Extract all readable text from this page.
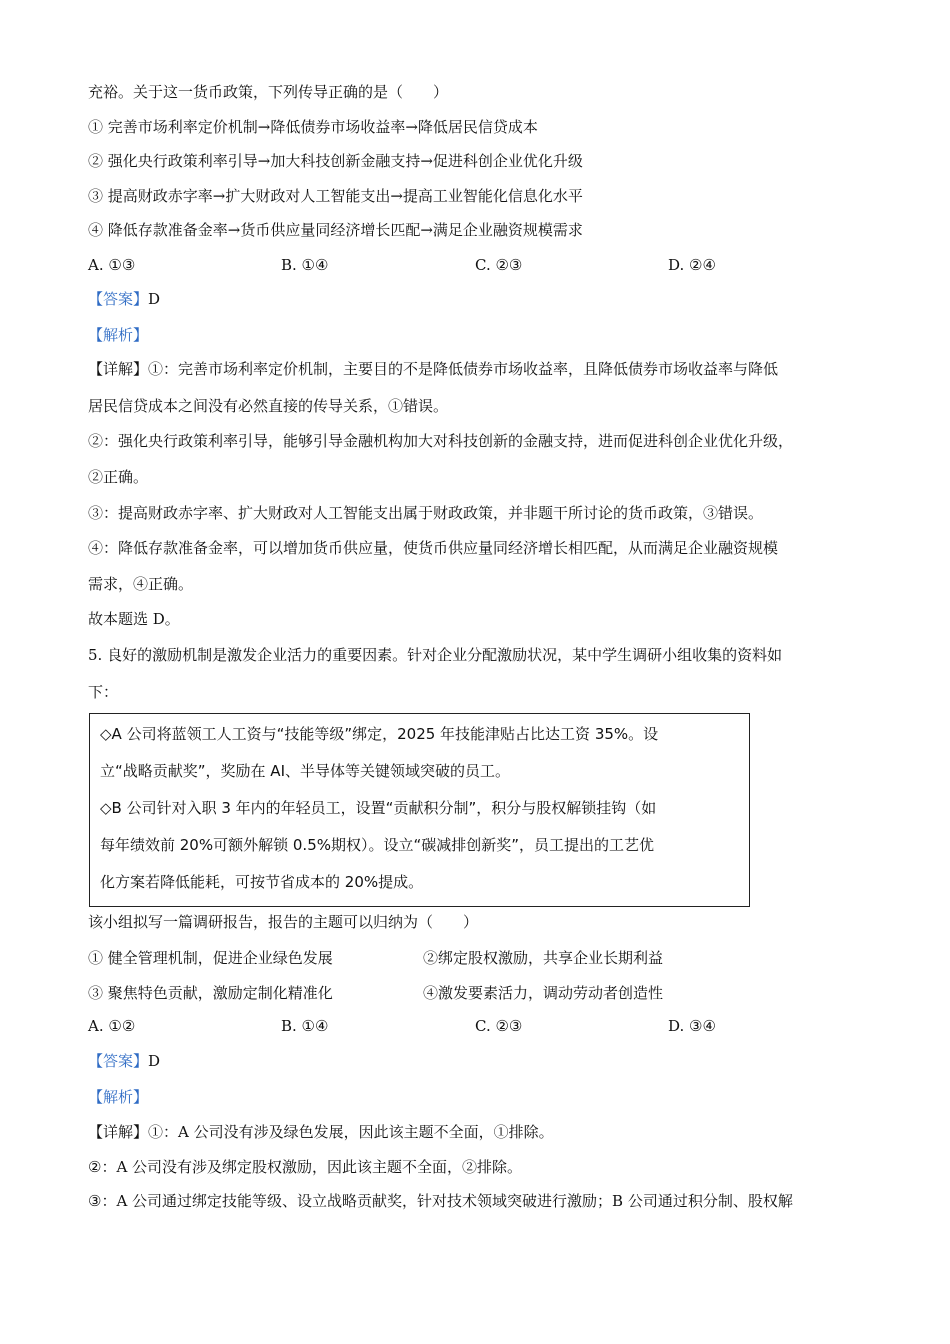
充裕。关于这一货币政策，下列传导正确的是（　　）
① 完善市场利率定价机制→降低债券市场收益率→降低居民信贷成本
② 强化央行政策利率引导→加大科技创新金融支持→促进科创企业优化升级
③ 提高财政赤字率→扩大财政对人工智能支出→提高工业智能化信息化水平
④ 降低存款准备金率→货币供应量同经济增长匹配→满足企业融资规模需求
A. ①③	B. ①④	C. ②③	D. ②④
【答案】D
【解析】
【详解】①：完善市场利率定价机制，主要目的不是降低债券市场收益率，且降低债券市场收益率与降低
居民信贷成本之间没有必然直接的传导关系，①错误。
②：强化央行政策利率引导，能够引导金融机构加大对科技创新的金融支持，进而促进科创企业优化升级，
②正确。
③：提高财政赤字率、扩大财政对人工智能支出属于财政政策，并非题干所讨论的货币政策，③错误。
④：降低存款准备金率，可以增加货币供应量，使货币供应量同经济增长相匹配，从而满足企业融资规模
需求，④正确。
故本题选 D。
5. 良好的激励机制是激发企业活力的重要因素。针对企业分配激励状况，某中学生调研小组收集的资料如
下：
◇A 公司将蓝领工人工资与“技能等级”绑定，2025 年技能津贴占比达工资 35%。设
立“战略贡献奖”，奖励在 AI、半导体等关键领域突破的员工。
◇B 公司针对入职 3 年内的年轻员工，设置“贡献积分制”，积分与股权解锁挂钩（如
每年绩效前 20%可额外解锁 0.5%期权）。设立“碳减排创新奖”，员工提出的工艺优
化方案若降低能耗，可按节省成本的 20%提成。
该小组拟写一篇调研报告，报告的主题可以归纳为（　　）
① 健全管理机制，促进企业绿色发展	②绑定股权激励，共享企业长期利益
③ 聚焦特色贡献，激励定制化精准化	④激发要素活力，调动劳动者创造性
A. ①②	B. ①④	C. ②③	D. ③④
【答案】D
【解析】
【详解】①：A 公司没有涉及绿色发展，因此该主题不全面，①排除。
②：A 公司没有涉及绑定股权激励，因此该主题不全面，②排除。
③：A 公司通过绑定技能等级、设立战略贡献奖，针对技术领域突破进行激励；B 公司通过积分制、股权解
